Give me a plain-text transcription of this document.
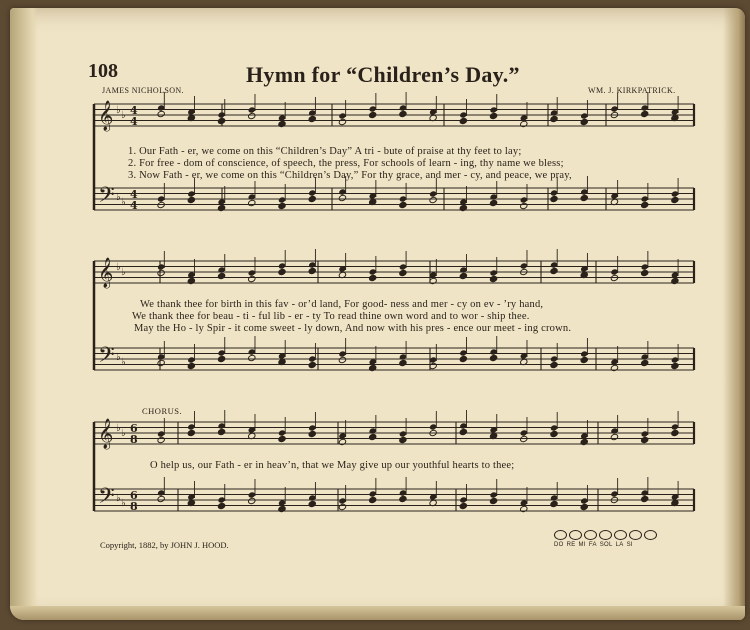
𝄞
𝄢
♭ ♭
♭ ♭
4
4
4
4
𝄞
𝄢
♭ ♭
♭ ♭
𝄞
𝄢
♭ ♭
♭ ♭
6
8
6
8
108	Hymn for “Children’s Day.”
JAMES NICHOLSON.	WM. J. KIRKPATRICK.
1. Our Fath - er, we come on this “Children’s Day” A tri - bute of praise at thy feet to lay;
2. For free - dom of conscience, of speech, the press, For schools of learn - ing, thy name we bless;
3. Now Fath - er, we come on this “Children’s Day,” For thy grace, and mer - cy, and peace, we pray,
We thank thee for birth in this fav - or’d land, For good- ness and mer - cy on ev - ’ry hand,
We thank thee for beau - ti - ful lib - er - ty To read thine own word and to wor - ship thee.
May the Ho - ly Spir - it come sweet - ly down, And now with his pres - ence our meet - ing crown.
CHORUS.
O help us, our Fath - er in heav’n, that we May give up our youthful hearts to thee;
Copyright, 1882, by JOHN J. HOOD.	DO RE MI FA SOL LA SI
